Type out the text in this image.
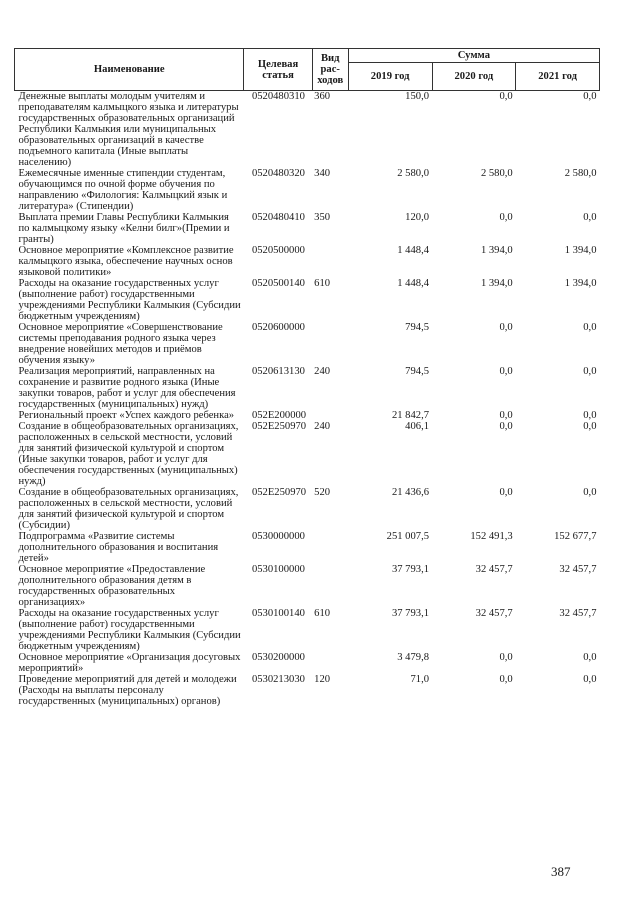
Наименование	Целевая статья	Вид рас-ходов	Сумма		
			2019 год	2020 год	2021 год
Денежные выплаты молодым учителям и преподавателям калмыцкого языка и литературы государственных образовательных организаций Республики Калмыкия или муниципальных образовательных организаций в качестве подъемного капитала (Иные выплаты населению)	0520480310	360	150,0	0,0	0,0
Ежемесячные именные стипендии студентам, обучающимся по очной форме обучения по направлению «Филология: Калмыцкий язык и литература» (Стипендии)	0520480320	340	2 580,0	2 580,0	2 580,0
Выплата премии Главы Республики Калмыкия по калмыцкому языку «Келни билг»(Премии и гранты)	0520480410	350	120,0	0,0	0,0
Основное мероприятие «Комплексное развитие калмыцкого языка, обеспечение научных основ языковой политики»	0520500000		1 448,4	1 394,0	1 394,0
Расходы на оказание государственных услуг (выполнение работ) государственными учреждениями Республики Калмыкия (Субсидии бюджетным учреждениям)	0520500140	610	1 448,4	1 394,0	1 394,0
Основное мероприятие «Совершенствование системы преподавания родного языка через внедрение новейших методов и приёмов обучения языку»	0520600000		794,5	0,0	0,0
Реализация мероприятий, направленных на сохранение и развитие родного языка (Иные закупки товаров, работ и услуг для обеспечения государственных (муниципальных) нужд)	0520613130	240	794,5	0,0	0,0
Региональный проект «Успех каждого ребенка»	052E200000		21 842,7	0,0	0,0
Создание в общеобразовательных организациях, расположенных в сельской местности, условий для занятий физической культурой и спортом (Иные закупки товаров, работ и услуг для обеспечения государственных (муниципальных) нужд)	052E250970	240	406,1	0,0	0,0
Создание в общеобразовательных организациях, расположенных в сельской местности, условий для занятий физической культурой и спортом (Субсидии)	052E250970	520	21 436,6	0,0	0,0
Подпрограмма «Развитие системы дополнительного образования и воспитания детей»	0530000000		251 007,5	152 491,3	152 677,7
Основное мероприятие «Предоставление дополнительного образования детям в государственных образовательных организациях»	0530100000		37 793,1	32 457,7	32 457,7
Расходы на оказание государственных услуг (выполнение работ) государственными учреждениями Республики Калмыкия (Субсидии бюджетным учреждениям)	0530100140	610	37 793,1	32 457,7	32 457,7
Основное мероприятие «Организация досуговых мероприятий»	0530200000		3 479,8	0,0	0,0
Проведение мероприятий для детей и молодежи (Расходы на выплаты персоналу государственных (муниципальных) органов)	0530213030	120	71,0	0,0	0,0
387
